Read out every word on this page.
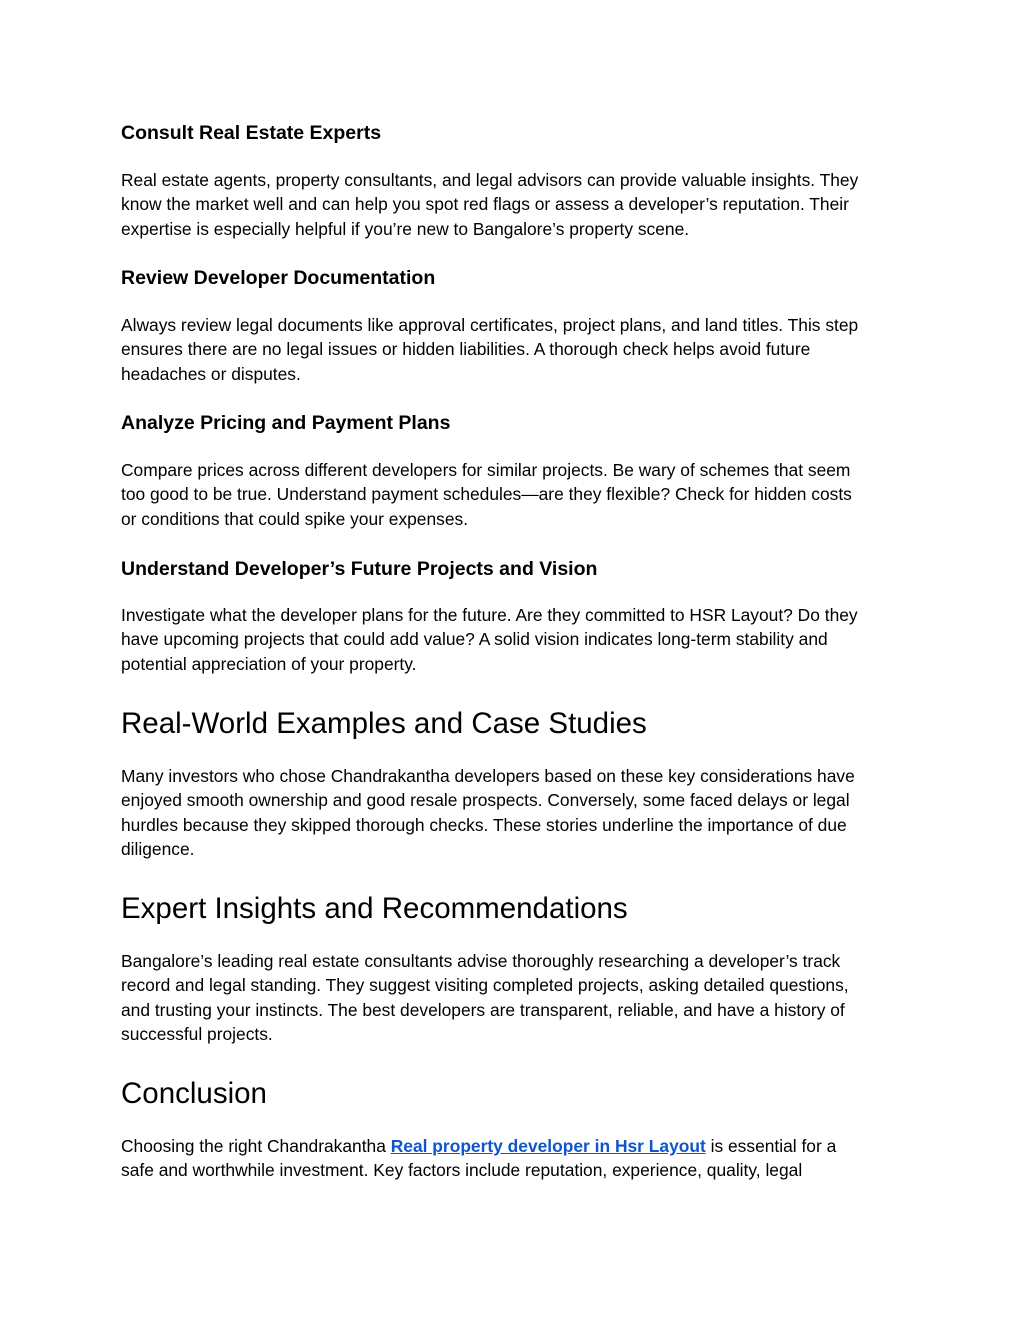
Consult Real Estate Experts

Real estate agents, property consultants, and legal advisors can provide valuable insights. They
know the market well and can help you spot red flags or assess a developer’s reputation. Their
expertise is especially helpful if you’re new to Bangalore’s property scene.

Review Developer Documentation

Always review legal documents like approval certificates, project plans, and land titles. This step
ensures there are no legal issues or hidden liabilities. A thorough check helps avoid future
headaches or disputes.

Analyze Pricing and Payment Plans

Compare prices across different developers for similar projects. Be wary of schemes that seem
too good to be true. Understand payment schedules—are they flexible? Check for hidden costs
or conditions that could spike your expenses.

Understand Developer’s Future Projects and Vision

Investigate what the developer plans for the future. Are they committed to HSR Layout? Do they
have upcoming projects that could add value? A solid vision indicates long-term stability and
potential appreciation of your property.

Real-World Examples and Case Studies

Many investors who chose Chandrakantha developers based on these key considerations have
enjoyed smooth ownership and good resale prospects. Conversely, some faced delays or legal
hurdles because they skipped thorough checks. These stories underline the importance of due
diligence.

Expert Insights and Recommendations

Bangalore’s leading real estate consultants advise thoroughly researching a developer’s track
record and legal standing. They suggest visiting completed projects, asking detailed questions,
and trusting your instincts. The best developers are transparent, reliable, and have a history of
successful projects.

Conclusion

Choosing the right Chandrakantha Real property developer in Hsr Layout is essential for a
safe and worthwhile investment. Key factors include reputation, experience, quality, legal
